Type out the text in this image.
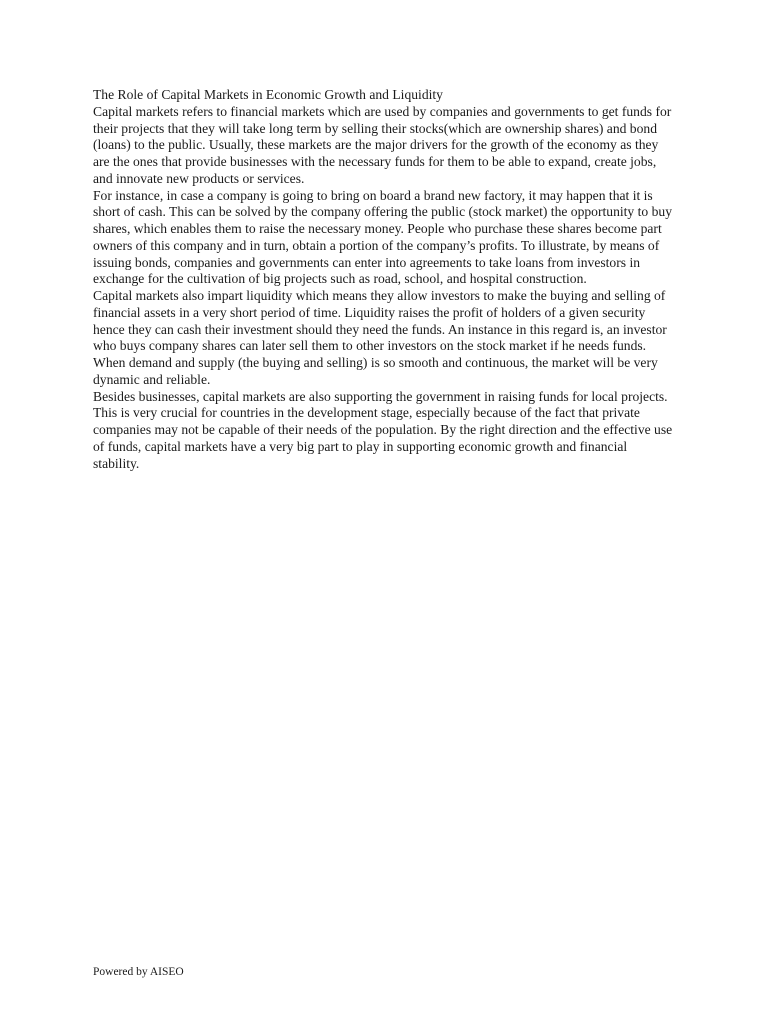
The Role of Capital Markets in Economic Growth and Liquidity

Capital markets refers to financial markets which are used by companies and governments to get funds for their projects that they will take long term by selling their stocks(which are ownership shares) and bond (loans) to the public. Usually, these markets are the major drivers for the growth of the economy as they are the ones that provide businesses with the necessary funds for them to be able to expand, create jobs, and innovate new products or services.

For instance, in case a company is going to bring on board a brand new factory, it may happen that it is short of cash. This can be solved by the company offering the public (stock market) the opportunity to buy shares, which enables them to raise the necessary money. People who purchase these shares become part owners of this company and in turn, obtain a portion of the company’s profits. To illustrate, by means of issuing bonds, companies and governments can enter into agreements to take loans from investors in exchange for the cultivation of big projects such as road, school, and hospital construction.

Capital markets also impart liquidity which means they allow investors to make the buying and selling of financial assets in a very short period of time. Liquidity raises the profit of holders of a given security hence they can cash their investment should they need the funds. An instance in this regard is, an investor who buys company shares can later sell them to other investors on the stock market if he needs funds. When demand and supply (the buying and selling) is so smooth and continuous, the market will be very dynamic and reliable.

Besides businesses, capital markets are also supporting the government in raising funds for local projects. This is very crucial for countries in the development stage, especially because of the fact that private companies may not be capable of their needs of the population. By the right direction and the effective use of funds, capital markets have a very big part to play in supporting economic growth and financial stability.

Powered by AISEO
